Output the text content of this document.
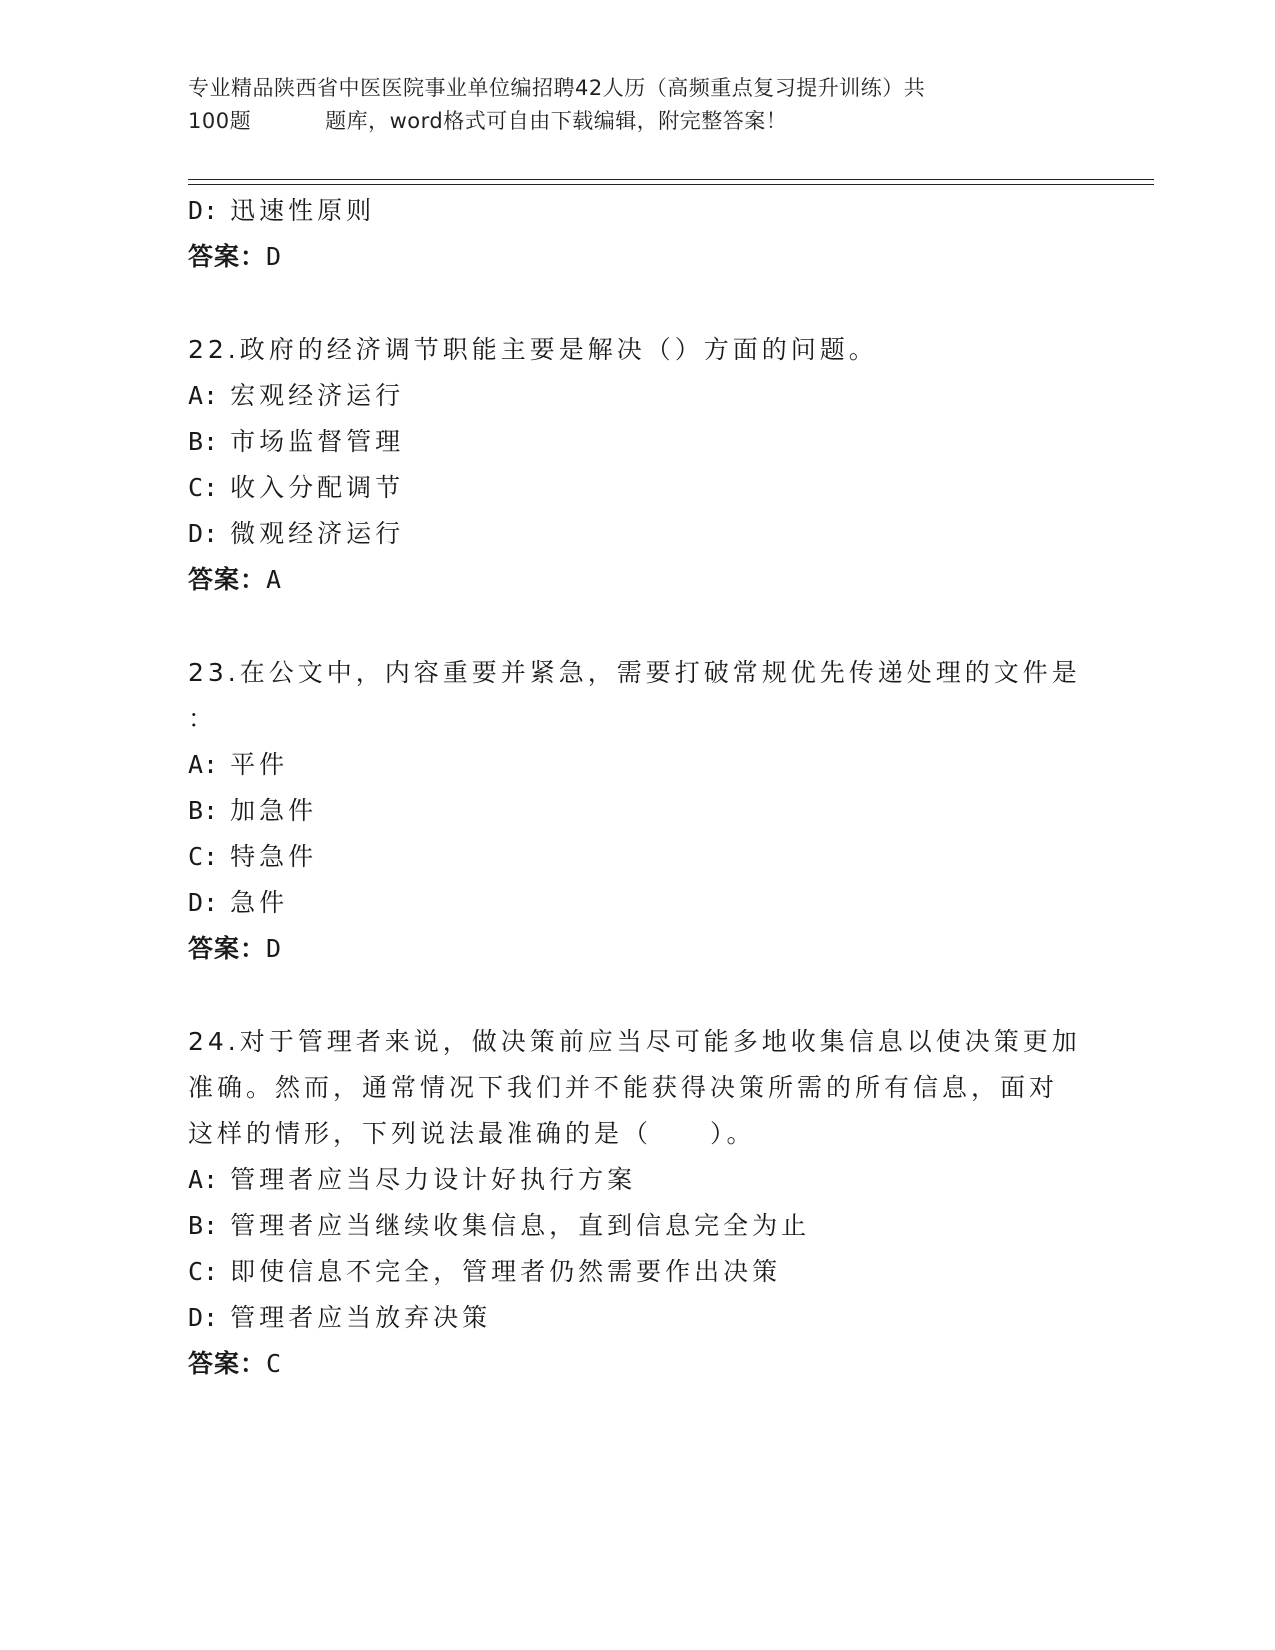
专业精品陕西省中医医院事业单位编招聘42人历（高频重点复习提升训练）共
100题	题库，word格式可自由下载编辑，附完整答案！
D: 迅速性原则
答案：D
22.政府的经济调节职能主要是解决（）方面的问题。
A: 宏观经济运行
B: 市场监督管理
C: 收入分配调节
D: 微观经济运行
答案：A
23.在公文中，内容重要并紧急，需要打破常规优先传递处理的文件是
：
A: 平件
B: 加急件
C: 特急件
D: 急件
答案：D
24.对于管理者来说，做决策前应当尽可能多地收集信息以使决策更加
准确。然而，通常情况下我们并不能获得决策所需的所有信息，面对
这样的情形，下列说法最准确的是（　　）。
A: 管理者应当尽力设计好执行方案
B: 管理者应当继续收集信息，直到信息完全为止
C: 即使信息不完全，管理者仍然需要作出决策
D: 管理者应当放弃决策
答案：C
